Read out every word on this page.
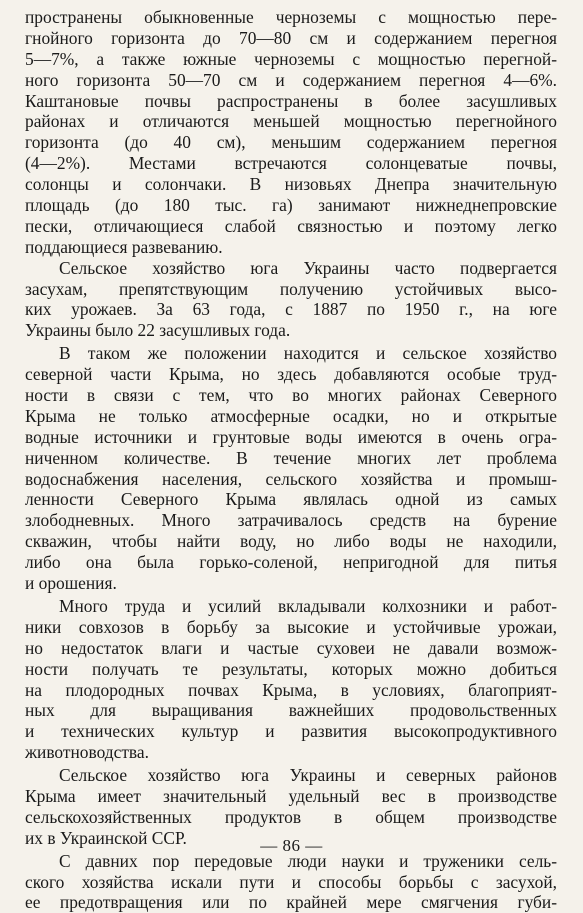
пространены обыкновенные черноземы с мощностью пере-
гнойного горизонта до 70—80 см и содержанием перегноя
5—7%, а также южные черноземы с мощностью перегной-
ного горизонта 50—70 см и содержанием перегноя 4—6%.
Каштановые почвы распространены в более засушливых
районах и отличаются меньшей мощностью перегнойного
горизонта (до 40 см), меньшим содержанием перегноя
(4—2%). Местами встречаются солонцеватые почвы,
солонцы и солончаки. В низовьях Днепра значительную
площадь (до 180 тыс. га) занимают нижнеднепровские
пески, отличающиеся слабой связностью и поэтому легко
поддающиеся развеванию.
Сельское хозяйство юга Украины часто подвергается
засухам, препятствующим получению устойчивых высо-
ких урожаев. За 63 года, с 1887 по 1950 г., на юге
Украины было 22 засушливых года.
В таком же положении находится и сельское хозяйство
северной части Крыма, но здесь добавляются особые труд-
ности в связи с тем, что во многих районах Северного
Крыма не только атмосферные осадки, но и открытые
водные источники и грунтовые воды имеются в очень огра-
ниченном количестве. В течение многих лет проблема
водоснабжения населения, сельского хозяйства и промыш-
ленности Северного Крыма являлась одной из самых
злободневных. Много затрачивалось средств на бурение
скважин, чтобы найти воду, но либо воды не находили,
либо она была горько-соленой, непригодной для питья
и орошения.
Много труда и усилий вкладывали колхозники и работ-
ники совхозов в борьбу за высокие и устойчивые урожаи,
но недостаток влаги и частые суховеи не давали возмож-
ности получать те результаты, которых можно добиться
на плодородных почвах Крыма, в условиях, благоприят-
ных для выращивания важнейших продовольственных
и технических культур и развития высокопродуктивного
животноводства.
Сельское хозяйство юга Украины и северных районов
Крыма имеет значительный удельный вес в производстве
сельскохозяйственных продуктов в общем производстве
их в Украинской ССР.
С давних пор передовые люди науки и труженики сель-
ского хозяйства искали пути и способы борьбы с засухой,
ее предотвращения или по крайней мере смягчения губи-
— 86 —
